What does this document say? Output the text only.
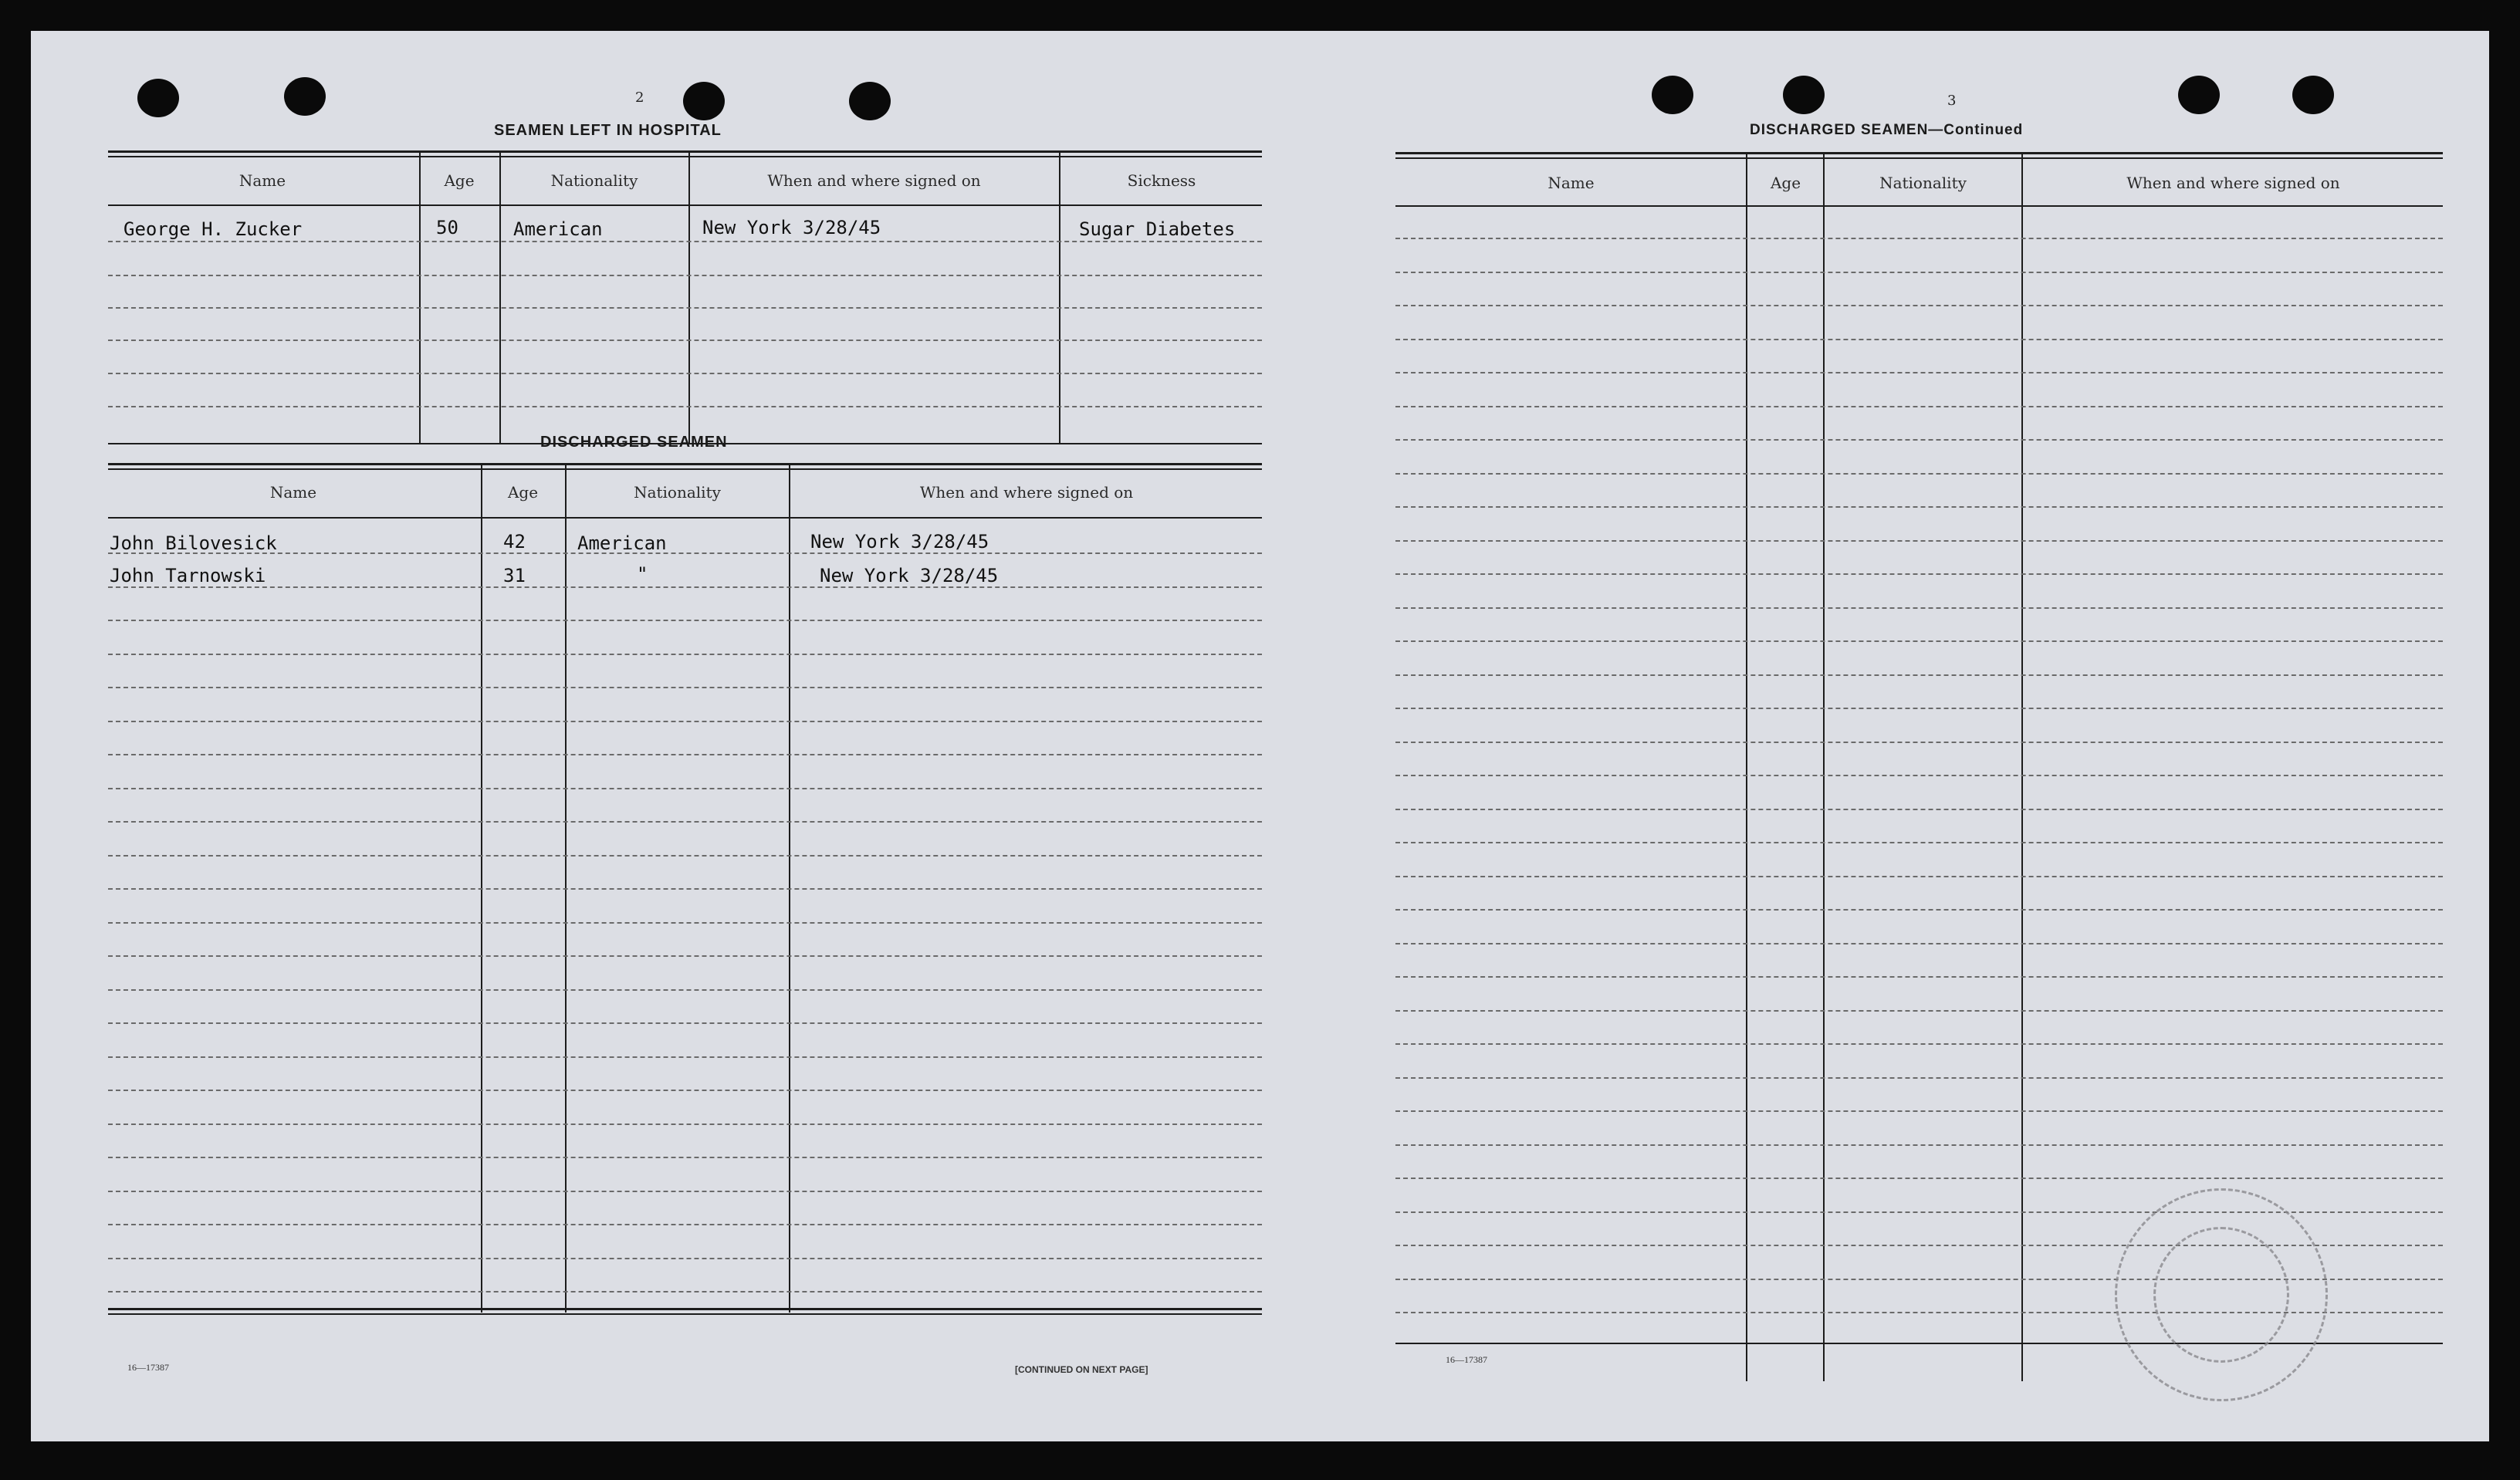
2
SEAMEN LEFT IN HOSPITAL
Name	Age	Nationality	When and where signed on	Sickness
George H. Zucker	50	American	New York 3/28/45	Sugar Diabetes
DISCHARGED SEAMEN
Name	Age	Nationality	When and where signed on
John Bilovesick	42	American	New York 3/28/45
John Tarnowski	31	"	New York 3/28/45
16—17387	[CONTINUED ON NEXT PAGE]
3
DISCHARGED SEAMEN—Continued
Name	Age	Nationality	When and where signed on
16—17387
